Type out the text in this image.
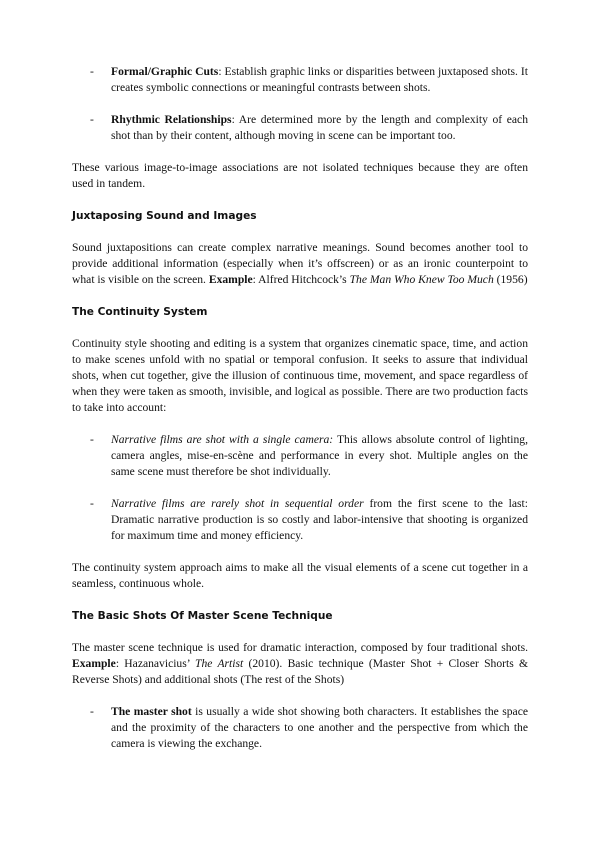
- Formal/Graphic Cuts: Establish graphic links or disparities between juxtaposed shots. It creates symbolic connections or meaningful contrasts between shots.

- Rhythmic Relationships: Are determined more by the length and complexity of each shot than by their content, although moving in scene can be important too.

These various image-to-image associations are not isolated techniques because they are often used in tandem.

Juxtaposing Sound and Images

Sound juxtapositions can create complex narrative meanings. Sound becomes another tool to provide additional information (especially when it’s offscreen) or as an ironic counterpoint to what is visible on the screen. Example: Alfred Hitchcock’s The Man Who Knew Too Much (1956)

The Continuity System

Continuity style shooting and editing is a system that organizes cinematic space, time, and action to make scenes unfold with no spatial or temporal confusion. It seeks to assure that individual shots, when cut together, give the illusion of continuous time, movement, and space regardless of when they were taken as smooth, invisible, and logical as possible. There are two production facts to take into account:

- Narrative films are shot with a single camera: This allows absolute control of lighting, camera angles, mise-en-scène and performance in every shot. Multiple angles on the same scene must therefore be shot individually.

- Narrative films are rarely shot in sequential order from the first scene to the last: Dramatic narrative production is so costly and labor-intensive that shooting is organized for maximum time and money efficiency.

The continuity system approach aims to make all the visual elements of a scene cut together in a seamless, continuous whole.

The Basic Shots Of Master Scene Technique

The master scene technique is used for dramatic interaction, composed by four traditional shots. Example: Hazanavicius’ The Artist (2010). Basic technique (Master Shot + Closer Shorts & Reverse Shots) and additional shots (The rest of the Shots)

- The master shot is usually a wide shot showing both characters. It establishes the space and the proximity of the characters to one another and the perspective from which the camera is viewing the exchange.
